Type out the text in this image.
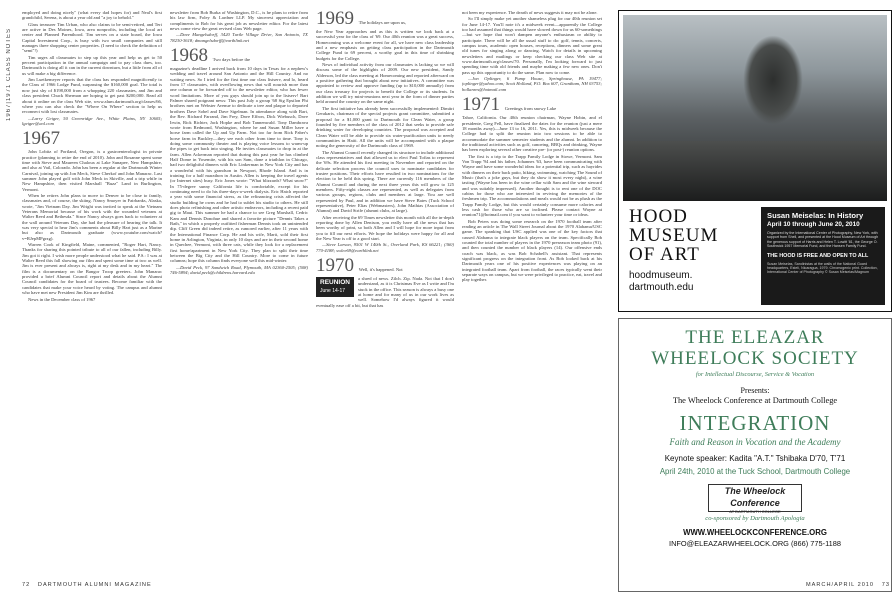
1967|1971 CLASS NOTES

employed and doing nicely" (what every dad hopes for) and Neal's first grandchild, Serena, is about a year old and "a joy to behold."

Glass treasurer Tim Urban, who also claims to be semi-retired, and Teri are active in Des Moines, Iowa, area nonprofits, including the local art center and Planned Parenthood. Tim serves on a state board, the Iowa Capital Investment Corp., is busy with two small companies and still manages three shopping center properties. (I need to check the definition of "semi"!)

Tim urges all classmates to step up this year and help us get to 50 percent participation in the annual campaign and to pay class dues, too. Dartmouth is doing all it can in the current downturn, but a little from all of us will make a big difference.

Jim Luetkemeyer reports that the class has responded magnificently to the Class of 1966 Lodge Fund, surpassing the $160,000 goal. The total is now just shy of $198,000 from a whopping 220 classmates, and Jim and class president Chuck Sherman are hoping to get past $200,000. Read all about it online on the class Web site, www.alum.dartmouth.org/classes/66, where you can also check the "Where On Where" section to help us reconnect with lost classmates.

—Larry Geiger, 50 Greenridge Ave., White Plains, NY 10605; lgeiger@aol.com

1967

John Lobitz of Portland, Oregon, is a gastroenterologist in private practice (planning to retire the end of 2010). John and Rosanne spent some time with Steve and Maureen Chaloux at Lake Sunapee, New Hampshire, and also at Vail, Colorado. John has been a regular at the Dartmouth Winter Carnival, joining up with Jon Meck, Steve Cherkof and John Manarac. Last summer John played golf with John Meck in Skiville, and a trip while in New Hampshire, then visited Marshall "Buzz" Land in Burlington, Vermont.

When he retires John plans to move to Denver to be close to family, classmates and, of course, the skiing. Nancy Smoyer in Fairbanks, Alaska, wrote, "Jim Vietnam Day. Jim Wright was invited to speak at the Vietnam Veterans Memorial because of his work with the wounded veterans at Walter Reed and Bethesda." Since Nancy always goes back to volunteer at the wall around Veterans Day, she had the pleasure of hearing the talk. It was very special to hear Jim's comments about Billy Hart just as a Marine but also as Dartmouth graduate (www.youtube.com/watch?v=RJepMPgrzg).

Warren Cook of Kingfield, Maine, commented, "Roger Hart, Nancy. Thanks for sharing this pointed tribute to all of our fallen, including Billy. Jim got it right. I wish more people understood what he said. P.S.: I was at Walter Reed this fall showing our film and spent some time at two as well. Jim is ever present and always is, right at my desk and in my heart." The film is a documentary on the Bangor Troop greeters. John Manarac provided a brief Alumni Council report and details about the Alumni Council candidates for the board of trustees. Become familiar with the candidates that make your voice heard by voting. The campus and alumni who have met new President Jim Kim are thrilled.

News in the December class of 1967

newsletter from Bob Burka of Washington, D.C., is he plans to retire from his law firm, Foley & Lardner LLP. My sincerest appreciation and compliments to Bob for his great job as newsletter editor. For the latest news come view the great revised class Web page.

—Dave Mangelsdorff, 3420 Turtle Village Drive, San Antonio, TX 78230-3618; dmangelsdorff@earthlink.net

1968 Two days before the

magazine's deadline I arrived back from 10 days in Texas for a nephew's wedding and travel around San Antonio and the Hill Country. And no waiting news. So I tried for the first time our class listserv, and lo, heard from 17 classmates, with overflowing news that will nourish more than one column or be forwarded off to the newsletter editor, who has fewer word limitations. More of you guys should join up to the listserv! Bart Palmer shared poignant news: This past July a group '68 Sig Epsilon Phi brothers met on Webster Avenue to dedicate a tree and plaque to departed brothers Dave Sobel and Dave Sigelman. In attendance along with Bart, the Rev. Richard Farrand, Jim Frey, Dave Effron, Dick Wiebusch, Dave Irwin, Rick Richter, Jack Hopke and Bob Tannenwald. Tony Dambrava wrote from Redmond, Washington, where he and Susan Miller have a horse farm called the Up and Up Farm. Not too far from Rick Paber's horse farm in Buckley—they see each other from time to time. Tony is doing some community theater and is playing voice lessons to warm-up the pipes to get back into singing. He invites classmates to drop in at the farm. Allen Ackerman reported that during this past year he has climbed Half Dome in Yosemite, with his son Sam, done a triathlon in Chicago, had two delightful dinners with Eric Linkerman in New York City and has a wonderful with his grandson in Newport, Rhode Island. And is in training for a half marathon in Austin. Allen is keeping the travel agents (or Internet sites) busy. Eric Jones wrote: "What blizzards? What snow?" In 75-degree sunny California life is comfortable, except for his continuing need to do his three-days-a-week dialysis. Eric Hatch reported a year with some financial stress, as the refinancing crisis affected the studio building he owns and he had to sublet his studio to others. He still does photo refinishing and other artistic endeavors, including a recent paid gig to Maui. This summer he had a chance to see Greg Marshall, Cedric Kam and Dennis Donohue and shared a favorite picture "Dennis Takes a Bath," in which a properly outfitted fisherman Dennis took an unintended dip. Cliff Green did indeed retire, as rumored earlier, after 11 years with the International Finance Corp. He and his wife, Marti, sold their first home in Arlington, Virginia, in only 10 days and are in their second home in Quechee, Vermont, with three cats, while they look for a replacement first home/apartment in New York City. They plan to split their time between the Big City and the Hill Country. More to come in future columns; hope this column finds everyone well this mid-winter.

—David Peck, 97 Sandwich Road, Plymouth, MA 02360-2505; (508) 746-5894; david.peck@childrens.harvard.edu

1969 The holidays are upon us,

the New Year approaches and as this is written we look back at a successful year for the class of '69. Our 40th reunion was a great success, Homecoming was a welcome event for all, we have new class leadership and a new emphasis on getting class participation in the Dartmouth College Fund to 69 percent, a worthy goal in this time of shrinking budgets for the College.

News of individual activity from our classmates is lacking so we will discuss some of the highlights of 2009. Our new president, Sandy Alderson, led the class meeting at Homecoming and reported afterward on a positive gathering that brought about new initiatives. A committee was appointed to review and approve funding (up to $10,000 annually) from our class treasury for projects to benefit the College or its students. In addition we will try mini-reunions next year in the form of dinner parties held around the country on the same night.

The first initiative has already been successfully implemented: Dimitri Gerakaris, chairman of the special projects grant committee, submitted a proposal for a $1,000 grant to Dartmouth for Clean Water, a group founded by five members of the class of 2012 that seeks to provide safe drinking water for developing countries. The proposal was accepted and Clean Water will be able to provide six water-purification units to needy communities in Haiti. All the units will be accompanied with a plaque noting the generosity of the Dartmouth class of 1969.

The Alumni Council recently changed its structure to include additional class representatives and that allowed us to elect Paul Tofias to represent the '69s. He attended his first meeting in November and reported on the delicate selection process the council uses to nominate candidates for trustee positions. Their efforts have resulted in two nominations for the election to be held this spring. There are currently 116 members of the Alumni Council and during the next three years this will grow to 125 members. Fifty-eight classes are represented, as well as delegates from various groups, regions, clubs and members at large. You are well represented by Paul, and in addition we have Steve Bates (Tuck School representative), Peter Elias (Webmasters), John Mathias (Association of Alumni) and David Strife (alumni clubs, at large).

After receiving the 69 Times newsletter this month with all the in-depth reporting done by Allen Denison, you really have all the news that has been worthy of print, so both Allen and I will hope for more input from you to fill our next efforts. We hope the holidays were happy for all and the New Year is off to a good start.

—Steve Larson, 9501 W 140th St., Overland Park, KS 66221; (360) 770-4188; swlee69@earthlink.net

1970 Well, it's happened. Not
REUNION
June 14-17

a shred of news. Zilch. Zip. Nada. Not that I don't understand, as it is Christmas Eve as I write and I'm stuck in the office. This season is always a busy one at home and for many of us in our work lives as well. Somehow I'd always figured it would eventually ease off a bit, but that has

not been my experience. The dearth of news suggests it may not be alone.

So I'll simply make yet another shameless plug for our 40th reunion set for June 14-17. You'll note it's a midweek event—apparently the College too had assumed that things would have slowed down for us 60-somethings—but we hope that won't dampen anyone's enthusiasm or ability to participate. There will be all the usual stuff to do: golf, tennis, concerts, campus tours, academic open houses, receptions, dinners and some great old tunes for singing along or dancing. Watch for details in upcoming newsletters and mailings or keep checking our class Web site at www.dartmouth.org/classes/70. Personally, I'm looking forward to just spending time with old friends and maybe making a few new ones. Don't pass up this opportunity to do the same. Plan now to come.

—Jon Oplinger, 6 Pump House, Springhouse, PA 19477; joplinger@yahoo.com; Scott Holland, P.O. Box 607, Grantham, NH 03753; hollanres@hotmail.com

1971 Greetings from snowy Lake

Tahoe, California. Our 40th reunion chairman, Wayne Hobin, and el presidente, Greg Fell, have finalized the dates for the reunion (just a mere 18 months away)—June 13 to 16, 2011. Yes, this is midweek because the College had to split the reunion into two sessions to be able to accommodate the summer semester students and the alumni. In addition to the traditional activities such as golf, canoeing, BBQs and drinking, Wayne has been exploring several other creative pre- (or post-) reunion options.

The first is a trip to the Trapp Family Lodge in Stowe, Vermont. Sam Von Trapp '94 and his father, Johannes '63, have been communicating with Wayne and have some wonderful ideas for a potential trip, such as hayrides with dinners on their back patio, hiking, swimming, watching The Sound of Music (that's a joke guys, but they do show it most every night), a wine tasting (Wayne has been in the wine cellar with Sam and the wine steward and was suitably impressed). Another thought is to rent one of the DOC cabins for those who are interested in reviving the memories of the freshmen trip. The accommodations and meals would not be as plush as the Trapp Family Lodge, but this would certainly consume more calories and less cash for those who are so inclined. Please contact Wayne at reunion71@hotmail.com if you want to volunteer your time or ideas.

Bob Peters was doing some research on the 1970 football team after reading an article in The Wall Street Journal about the 1970 Alabama/USC game. The spanking that USC applied was one of the key factors that caused Alabama to integrate black players on the team. Specifically Bob counted the total number of players in the 1970 preseason team photo (91), and then counted the number of black players (14). Our offensive ends coach was black, as was Bob Schabell's assistant. That represents significant progress on the integration front. As Bob looked back at his Dartmouth years one of his positive experiences was playing on an integrated football team. Apart from football, the races typically went their separate ways on campus, but we were privileged to practice, eat, travel and play together.

HOOD
MUSEUM
OF ART
hoodmuseum.
dartmouth.edu
Susan Meiselas: In History
April 10 through June 20, 2010
Organized by the International Center of Photography, New York, with support from Shell, and presented at the Hood Museum of Art through the generous support of Harris and Helen T. Lowitt '81, the George O. Southwick 1957 Memorial Fund, and the Hansen Family Fund.
THE HOOD IS FREE AND OPEN TO ALL
Susan Meiselas, Sandinistas at the walls of the National Guard headquarters, Estelí, Nicaragua, 1979. Chromogenic print. Collection, International Center of Photography © Susan Meiselas/Magnum
THE ELEAZAR
WHEELOCK SOCIETY
for Intellectual Discourse, Service & Vocation
Presents:
The Wheelock Conference at Dartmouth College
INTEGRATION
Faith and Reason in Vocation and the Academy
Keynote speaker: Kadita "A.T." Tshibaka D'70, T'71
April 24th, 2010 at the Tuck School, Dartmouth College
The Wheelock
Conference
AT DARTMOUTH COLLEGE
co-sponsored by Dartmouth Apologia
WWW.WHEELOCKCONFERENCE.ORG
INFO@ELEAZARWHEELOCK.ORG (866) 775-1188
72 DARTMOUTH ALUMNI MAGAZINE	MARCH/APRIL 2010 73
